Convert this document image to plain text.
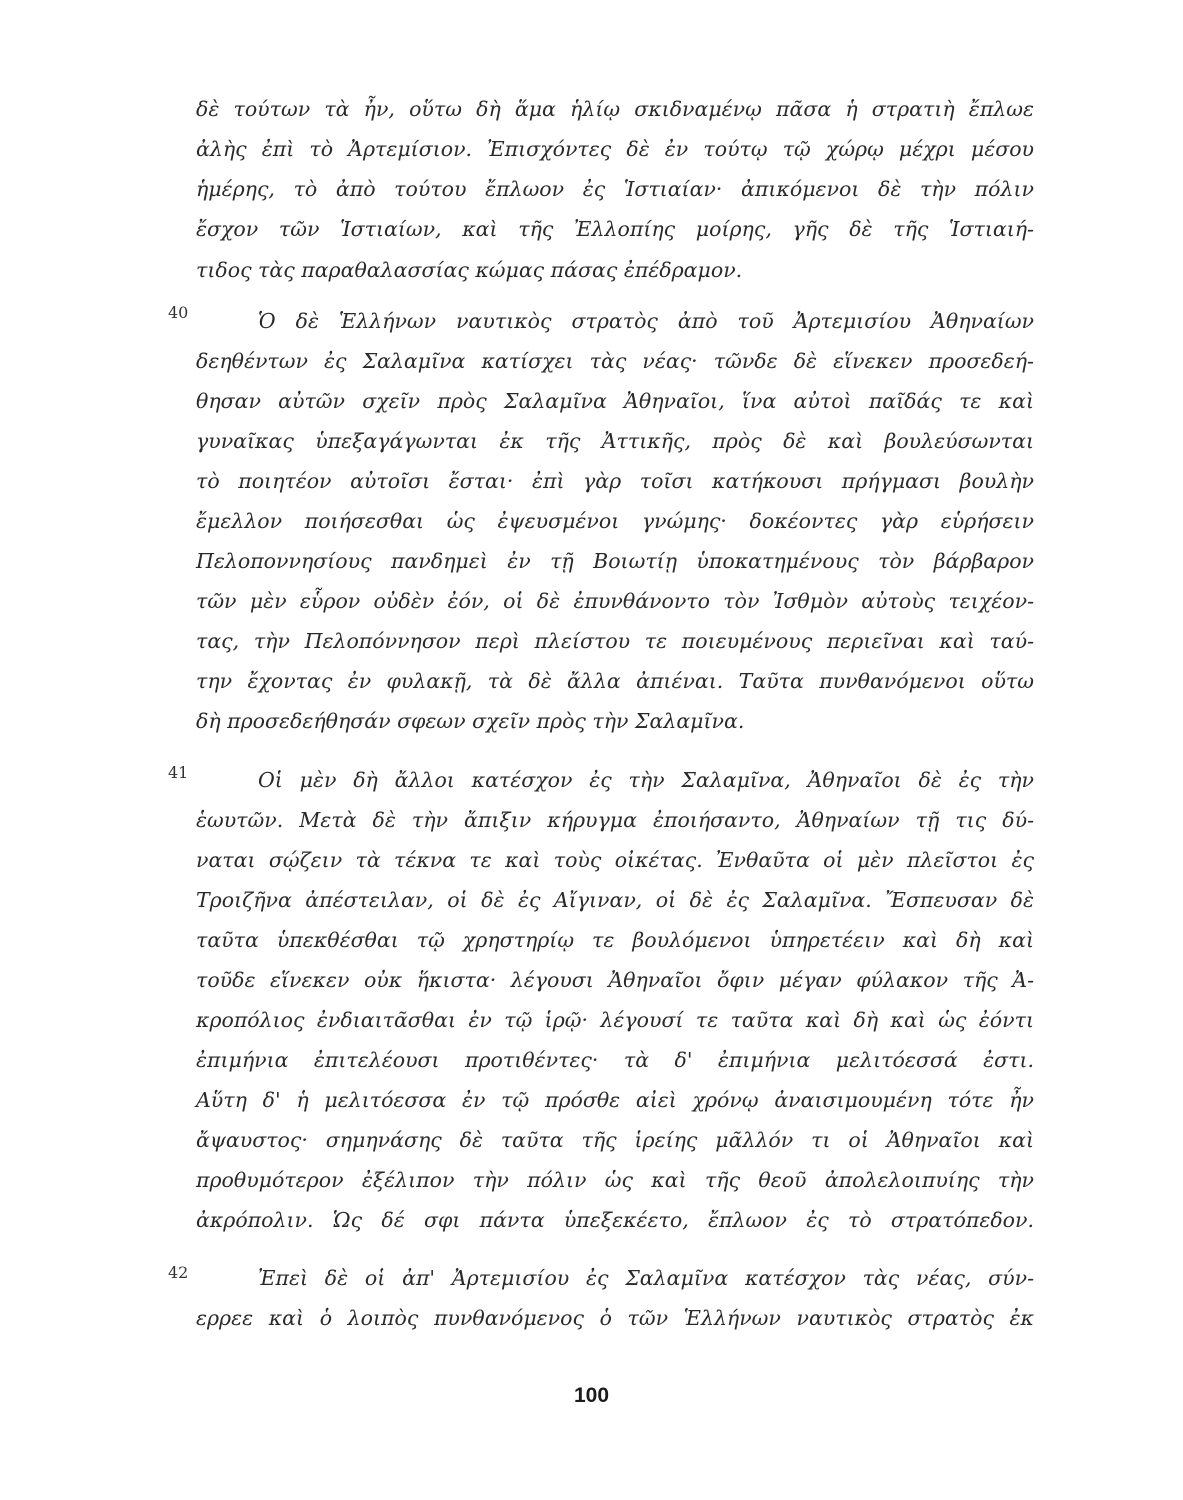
δὲ τούτων τὰ ἦν, οὕτω δὴ ἅμα ἡλίῳ σκιδναμένῳ πᾶσα ἡ στρατιὴ ἔπλωε
ἀλὴς ἐπὶ τὸ Ἀρτεμίσιον. Ἐπισχόντες δὲ ἐν τούτῳ τῷ χώρῳ μέχρι μέσου
ἡμέρης, τὸ ἀπὸ τούτου ἔπλωον ἐς Ἱστιαίαν· ἀπικόμενοι δὲ τὴν πόλιν
ἔσχον τῶν Ἱστιαίων, καὶ τῆς Ἐλλοπίης μοίρης, γῆς δὲ τῆς Ἱστιαιή-
τιδος τὰς παραθαλασσίας κώμας πάσας ἐπέδραμον.
40	Ὁ δὲ Ἑλλήνων ναυτικὸς στρατὸς ἀπὸ τοῦ Ἀρτεμισίου Ἀθηναίων
δεηθέντων ἐς Σαλαμῖνα κατίσχει τὰς νέας· τῶνδε δὲ εἵνεκεν προσεδεή-
θησαν αὐτῶν σχεῖν πρὸς Σαλαμῖνα Ἀθηναῖοι, ἵνα αὐτοὶ παῖδάς τε καὶ
γυναῖκας ὑπεξαγάγωνται ἐκ τῆς Ἀττικῆς, πρὸς δὲ καὶ βουλεύσωνται
τὸ ποιητέον αὐτοῖσι ἔσται· ἐπὶ γὰρ τοῖσι κατήκουσι πρήγμασι βουλὴν
ἔμελλον ποιήσεσθαι ὡς ἐψευσμένοι γνώμης· δοκέοντες γὰρ εὑρήσειν
Πελοποννησίους πανδημεὶ ἐν τῇ Βοιωτίῃ ὑποκατημένους τὸν βάρβαρον
τῶν μὲν εὗρον οὐδὲν ἐόν, οἱ δὲ ἐπυνθάνοντο τὸν Ἰσθμὸν αὐτοὺς τειχέον-
τας, τὴν Πελοπόννησον περὶ πλείστου τε ποιευμένους περιεῖναι καὶ ταύ-
την ἔχοντας ἐν φυλακῇ, τὰ δὲ ἄλλα ἀπιέναι. Ταῦτα πυνθανόμενοι οὕτω
δὴ προσεδεήθησάν σφεων σχεῖν πρὸς τὴν Σαλαμῖνα.
41	Οἱ μὲν δὴ ἄλλοι κατέσχον ἐς τὴν Σαλαμῖνα, Ἀθηναῖοι δὲ ἐς τὴν
ἑωυτῶν. Μετὰ δὲ τὴν ἄπιξιν κήρυγμα ἐποιήσαντο, Ἀθηναίων τῇ τις δύ-
ναται σῴζειν τὰ τέκνα τε καὶ τοὺς οἰκέτας. Ἐνθαῦτα οἱ μὲν πλεῖστοι ἐς
Τροιζῆνα ἀπέστειλαν, οἱ δὲ ἐς Αἴγιναν, οἱ δὲ ἐς Σαλαμῖνα. Ἔσπευσαν δὲ
ταῦτα ὑπεκθέσθαι τῷ χρηστηρίῳ τε βουλόμενοι ὑπηρετέειν καὶ δὴ καὶ
τοῦδε εἵνεκεν οὐκ ἥκιστα· λέγουσι Ἀθηναῖοι ὄφιν μέγαν φύλακον τῆς Ἀ-
κροπόλιος ἐνδιαιτᾶσθαι ἐν τῷ ἱρῷ· λέγουσί τε ταῦτα καὶ δὴ καὶ ὡς ἐόντι
ἐπιμήνια ἐπιτελέουσι προτιθέντες· τὰ δ' ἐπιμήνια μελιτόεσσά ἐστι.
Αὕτη δ' ἡ μελιτόεσσα ἐν τῷ πρόσθε αἰεὶ χρόνῳ ἀναισιμουμένη τότε ἦν
ἄψαυστος· σημηνάσης δὲ ταῦτα τῆς ἱρείης μᾶλλόν τι οἱ Ἀθηναῖοι καὶ
προθυμότερον ἐξέλιπον τὴν πόλιν ὡς καὶ τῆς θεοῦ ἀπολελοιπυίης τὴν
ἀκρόπολιν. Ὡς δέ σφι πάντα ὑπεξεκέετο, ἔπλωον ἐς τὸ στρατόπεδον.
42	Ἐπεὶ δὲ οἱ ἀπ' Ἀρτεμισίου ἐς Σαλαμῖνα κατέσχον τὰς νέας, σύν-
ερρεε καὶ ὁ λοιπὸς πυνθανόμενος ὁ τῶν Ἑλλήνων ναυτικὸς στρατὸς ἐκ
100
